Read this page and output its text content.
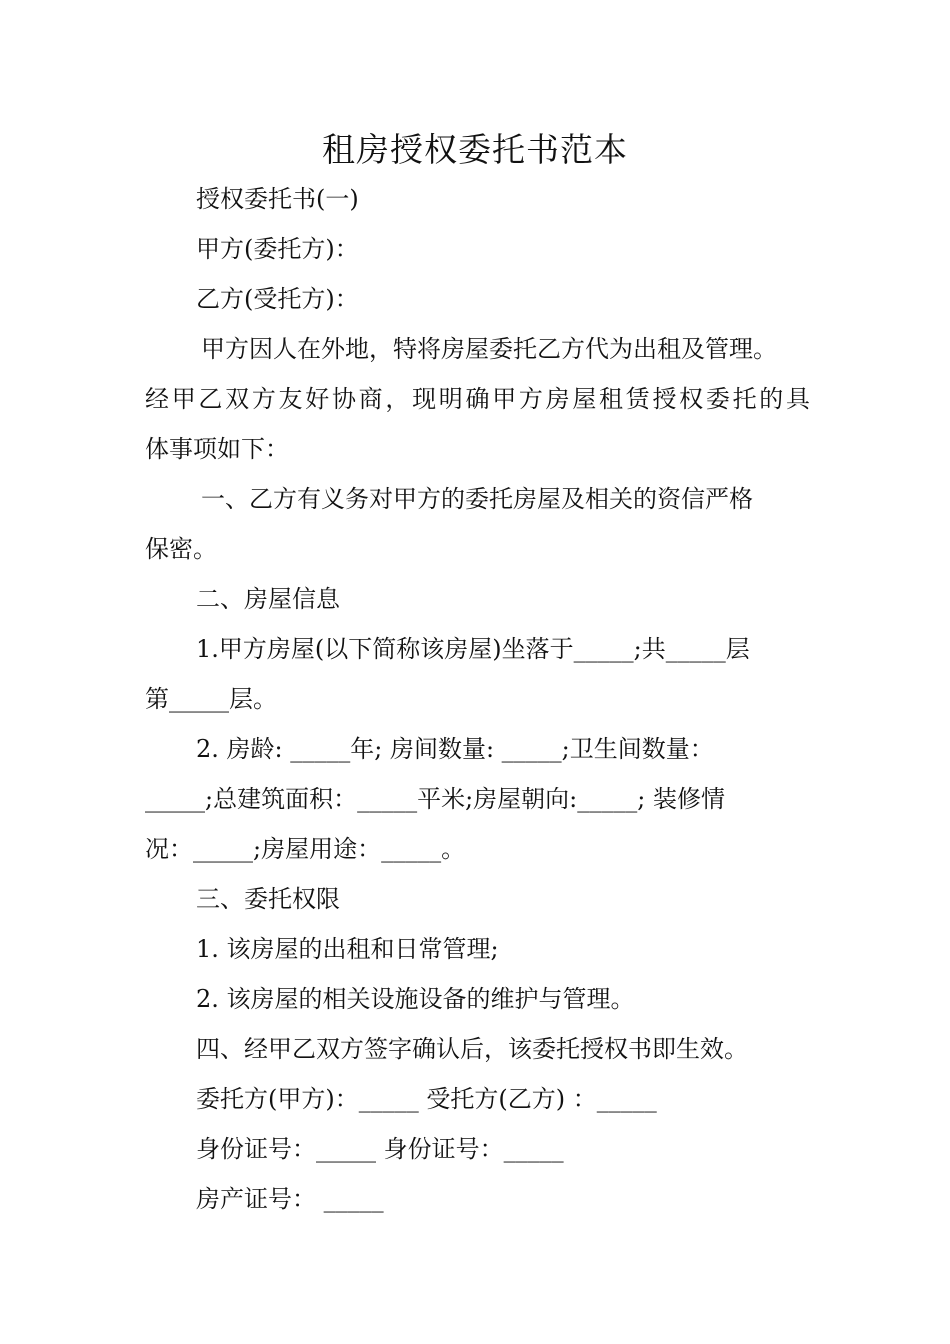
租房授权委托书范本
授权委托书(一)
甲方(委托方)：
乙方(受托方)：
甲方因人在外地，特将房屋委托乙方代为出租及管理。
经甲乙双方友好协商，现明确甲方房屋租赁授权委托的具
体事项如下：
一、乙方有义务对甲方的委托房屋及相关的资信严格
保密。
二、房屋信息
1.甲方房屋(以下简称该房屋)坐落于_____;共_____层
第_____层。
2. 房龄: _____年; 房间数量: _____;卫生间数量：
_____;总建筑面积：_____平米;房屋朝向:_____; 装修情
况：_____;房屋用途：_____。
三、委托权限
1. 该房屋的出租和日常管理;
2. 该房屋的相关设施设备的维护与管理。
四、经甲乙双方签字确认后，该委托授权书即生效。
委托方(甲方)：_____ 受托方(乙方) ：_____
身份证号：_____ 身份证号：_____
房产证号： _____
